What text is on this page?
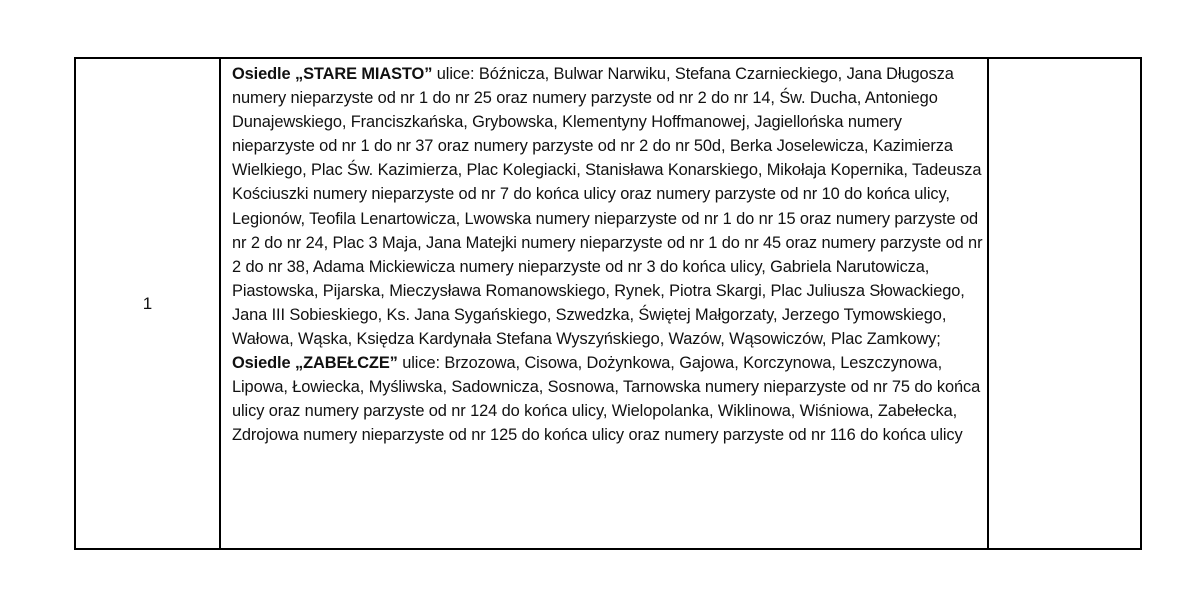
1	

Osiedle „STARE MIASTO” ulice: Bóźnicza, Bulwar Narwiku, Stefana Czarnieckiego, Jana Długosza numery nieparzyste od nr 1 do nr 25 oraz numery parzyste od nr 2 do nr 14, Św. Ducha, Antoniego Dunajewskiego, Franciszkańska, Grybowska, Klementyny Hoffmanowej, Jagiellońska numery nieparzyste od nr 1 do nr 37 oraz numery parzyste od nr 2 do nr 50d, Berka Joselewicza, Kazimierza Wielkiego, Plac Św. Kazimierza, Plac Kolegiacki, Stanisława Konarskiego, Mikołaja Kopernika, Tadeusza Kościuszki numery nieparzyste od nr 7 do końca ulicy oraz numery parzyste od nr 10 do końca ulicy, Legionów, Teofila Lenartowicza, Lwowska numery nieparzyste od nr 1 do nr 15 oraz numery parzyste od nr 2 do nr 24, Plac 3 Maja, Jana Matejki numery nieparzyste od nr 1 do nr 45 oraz numery parzyste od nr 2 do nr 38, Adama Mickiewicza numery nieparzyste od nr 3 do końca ulicy, Gabriela Narutowicza, Piastowska, Pijarska, Mieczysława Romanowskiego, Rynek, Piotra Skargi, Plac Juliusza Słowackiego, Jana III Sobieskiego, Ks. Jana Sygańskiego, Szwedzka, Świętej Małgorzaty, Jerzego Tymowskiego, Wałowa, Wąska, Księdza Kardynała Stefana Wyszyńskiego, Wazów, Wąsowiczów, Plac Zamkowy;

Osiedle „ZABEŁCZE” ulice: Brzozowa, Cisowa, Dożynkowa, Gajowa, Korczynowa, Leszczynowa, Lipowa, Łowiecka, Myśliwska, Sadownicza, Sosnowa, Tarnowska numery nieparzyste od nr 75 do końca ulicy oraz numery parzyste od nr 124 do końca ulicy, Wielopolanka, Wiklinowa, Wiśniowa, Zabełecka, Zdrojowa numery nieparzyste od nr 125 do końca ulicy oraz numery parzyste od nr 116 do końca ulicy
